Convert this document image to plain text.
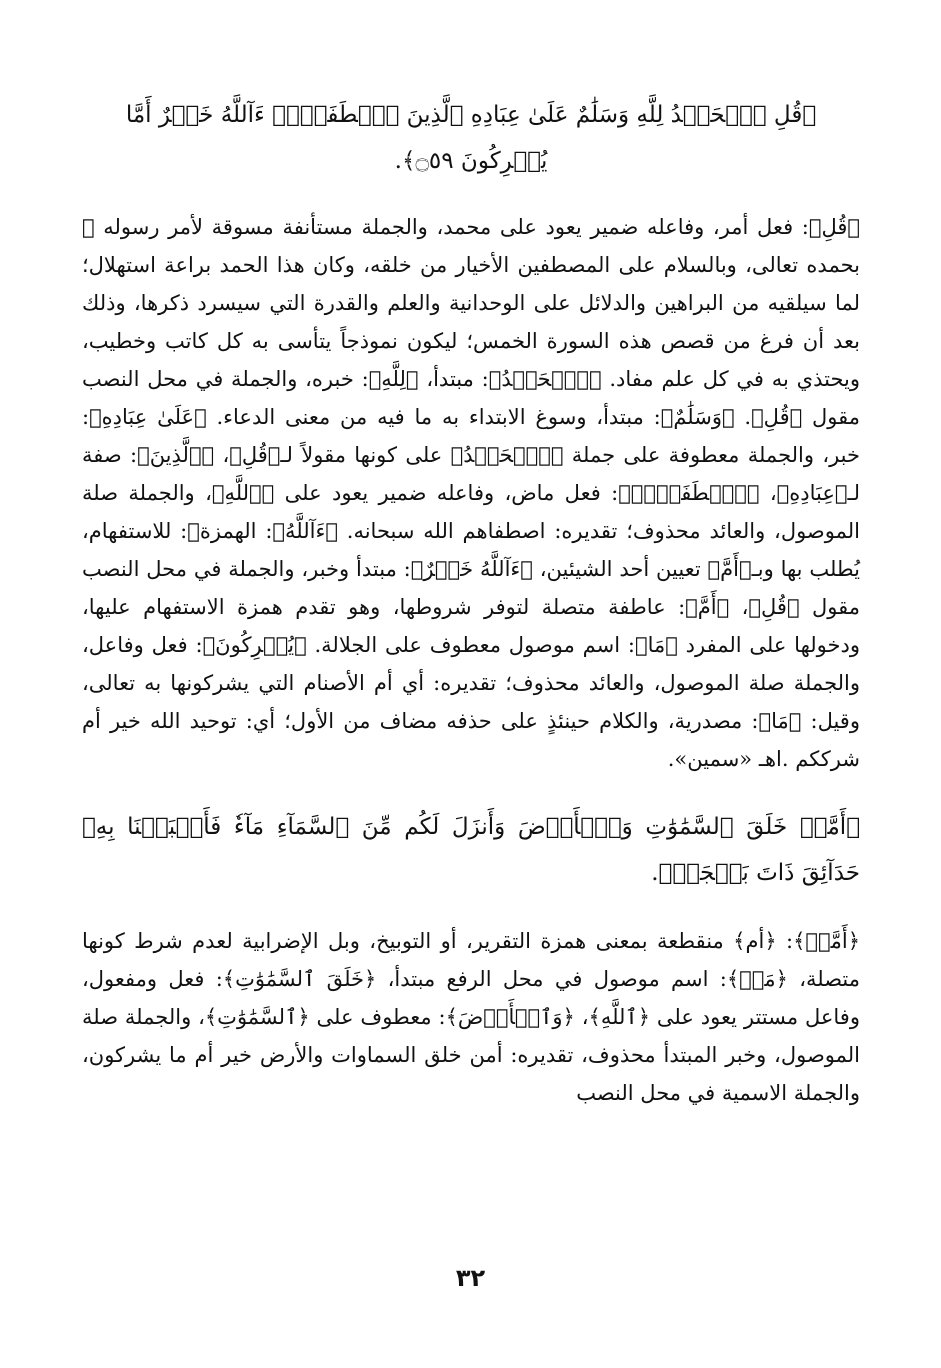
﴿قُلِ ٱلۡحَمۡدُ لِلَّهِ وَسَلَٰمٌ عَلَىٰ عِبَادِهِ ٱلَّذِينَ ٱصۡطَفَىٰٓۗ ءَآللَّهُ خَيۡرٌ أَمَّا يُشۡرِكُونَ ۝٥٩﴾.

﴿قُلِ﴾: فعل أمر، وفاعله ضمير يعود على محمد، والجملة مستأنفة مسوقة لأمر رسوله ﷺ بحمده تعالى، وبالسلام على المصطفين الأخيار من خلقه، وكان هذا الحمد براعة استهلال؛ لما سيلقيه من البراهين والدلائل على الوحدانية والعلم والقدرة التي سيسرد ذكرها، وذلك بعد أن فرغ من قصص هذه السورة الخمس؛ ليكون نموذجاً يتأسى به كل كاتب وخطيب، ويحتذي به في كل علم مفاد. ﴿ٱلۡحَمۡدُ﴾: مبتدأ، ﴿لِلَّهِ﴾: خبره، والجملة في محل النصب مقول ﴿قُلِ﴾. ﴿وَسَلَٰمٌ﴾: مبتدأ، وسوغ الابتداء به ما فيه من معنى الدعاء. ﴿عَلَىٰ عِبَادِهِ﴾: خبر، والجملة معطوفة على جملة ﴿ٱلۡحَمۡدُ﴾ على كونها مقولاً لـ﴿قُلِ﴾، ﴿ٱلَّذِينَ﴾: صفة لـ﴿عِبَادِهِ﴾، ﴿ٱصۡطَفَىٰٓۗ﴾: فعل ماض، وفاعله ضمير يعود على ﴿ٱللَّهِ﴾، والجملة صلة الموصول، والعائد محذوف؛ تقديره: اصطفاهم الله سبحانه. ﴿ءَآللَّهُ﴾: الهمزة﴾: للاستفهام، يُطلب بها وبـ﴿أَمَّ﴾ تعيين أحد الشيئين، ﴿ءَآللَّهُ خَيۡرٌ﴾: مبتدأ وخبر، والجملة في محل النصب مقول ﴿قُلِ﴾، ﴿أَمَّ﴾: عاطفة متصلة لتوفر شروطها، وهو تقدم همزة الاستفهام عليها، ودخولها على المفرد ﴿مَا﴾: اسم موصول معطوف على الجلالة. ﴿يُشۡرِكُونَ﴾: فعل وفاعل، والجملة صلة الموصول، والعائد محذوف؛ تقديره: أي أم الأصنام التي يشركونها به تعالى، وقيل: ﴿مَا﴾: مصدرية، والكلام حينئذٍ على حذفه مضاف من الأول؛ أي: توحيد الله خير أم شرككم .اهـ «سمين».

﴿أَمَّنۡ خَلَقَ ٱلسَّمَٰوَٰتِ وَٱلۡأَرۡضَ وَأَنزَلَ لَكُم مِّنَ ٱلسَّمَآءِ مَآءٗ فَأَنۢبَتۡنَا بِهِۦ حَدَآئِقَ ذَاتَ بَهۡجَةٖ﴾.

﴿أَمَّنۡ﴾: ﴿أم﴾ منقطعة بمعنى همزة التقرير، أو التوبيخ، وبل الإضرابية لعدم شرط كونها متصلة، ﴿مَنۡ﴾: اسم موصول في محل الرفع مبتدأ، ﴿خَلَقَ ٱلسَّمَٰوَٰتِ﴾: فعل ومفعول، وفاعل مستتر يعود على ﴿ٱللَّهِ﴾، ﴿وَٱلۡأَرۡضَ﴾: معطوف على ﴿ٱلسَّمَٰوَٰتِ﴾، والجملة صلة الموصول، وخبر المبتدأ محذوف، تقديره: أمن خلق السماوات والأرض خير أم ما يشركون، والجملة الاسمية في محل النصب

٣٢
